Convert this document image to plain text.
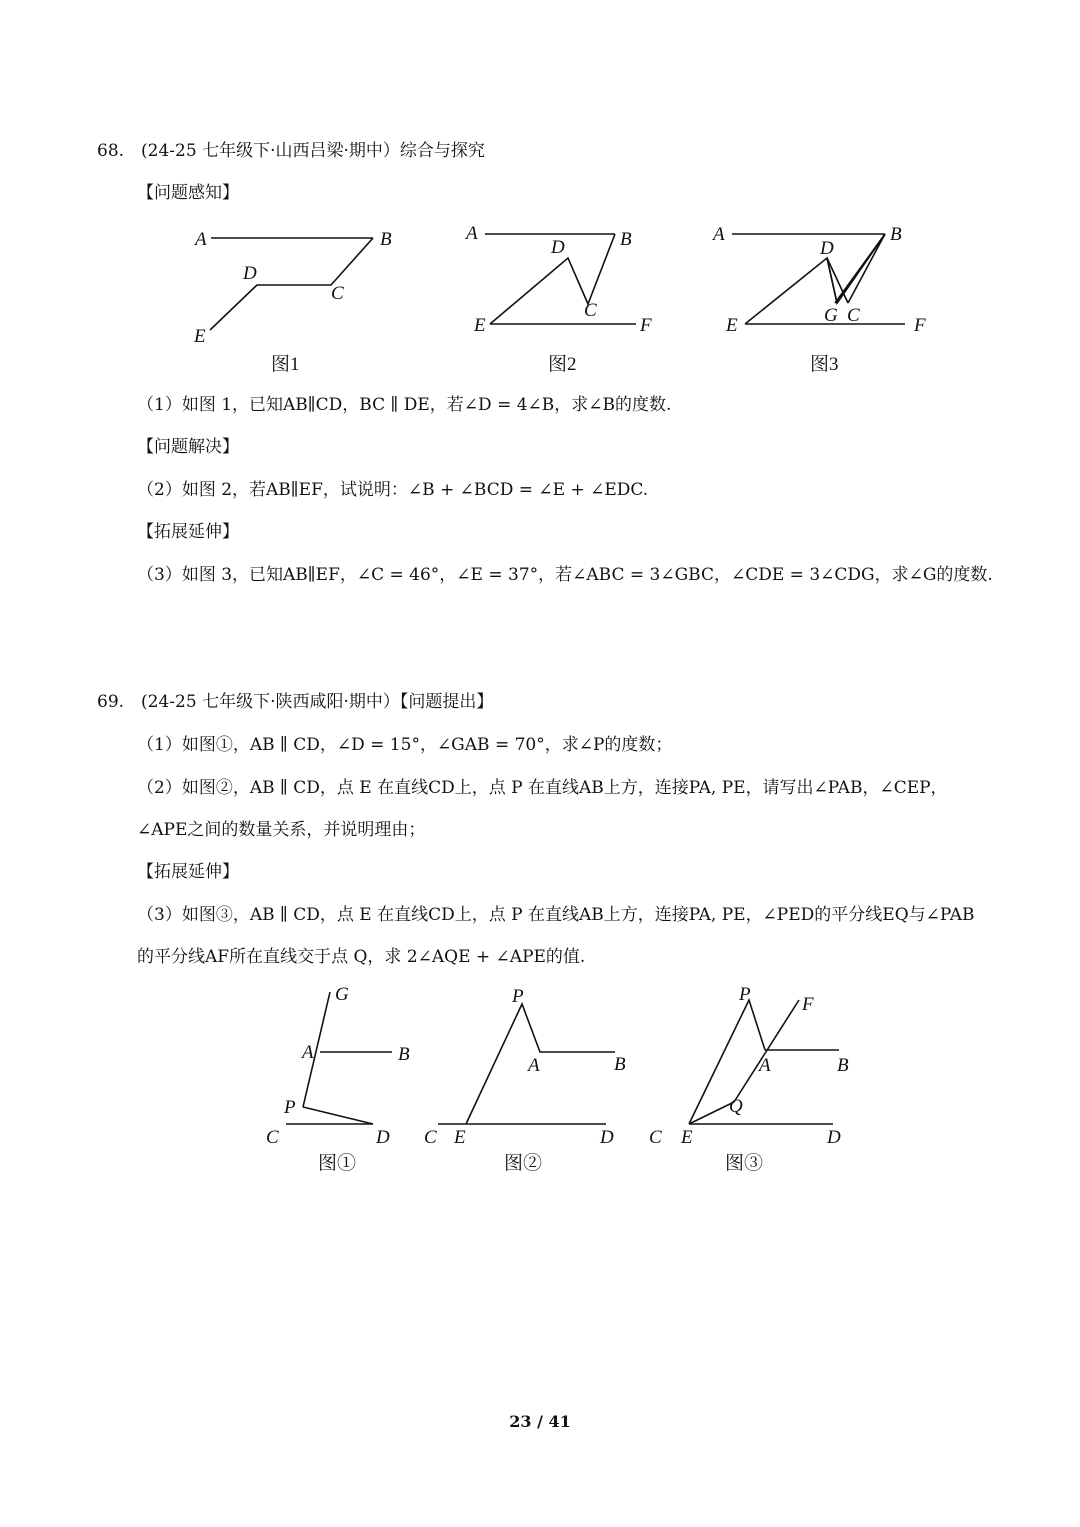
68.　(24-25 七年级下·山西吕梁·期中）综合与探究
【问题感知】
A	B
C
D
E
图1
A	B
C
D
E	F
图2
A	B
D
G C
E	F
图3
（1）如图 1，已知AB∥CD，BC ∥ DE，若∠D = 4∠B，求∠B的度数.
【问题解决】
（2）如图 2，若AB∥EF，试说明：∠B + ∠BCD = ∠E + ∠EDC.
【拓展延伸】
（3）如图 3，已知AB∥EF，∠C = 46°，∠E = 37°，若∠ABC = 3∠GBC，∠CDE = 3∠CDG，求∠G的度数.
69.　(24-25 七年级下·陕西咸阳·期中）【问题提出】
（1）如图①，AB ∥ CD，∠D = 15°，∠GAB = 70°，求∠P的度数；
（2）如图②，AB ∥ CD，点 E 在直线CD上，点 P 在直线AB上方，连接PA, PE，请写出∠PAB，∠CEP，
∠APE之间的数量关系，并说明理由；
【拓展延伸】
（3）如图③，AB ∥ CD，点 E 在直线CD上，点 P 在直线AB上方，连接PA, PE，∠PED的平分线EQ与∠PAB
的平分线AF所在直线交于点 Q，求 2∠AQE + ∠APE的值.
G
A	B
P
C	D
图①
P
A	B
C E	D
图②
P	F
A	B
Q
C E	D
图③
23 / 41
